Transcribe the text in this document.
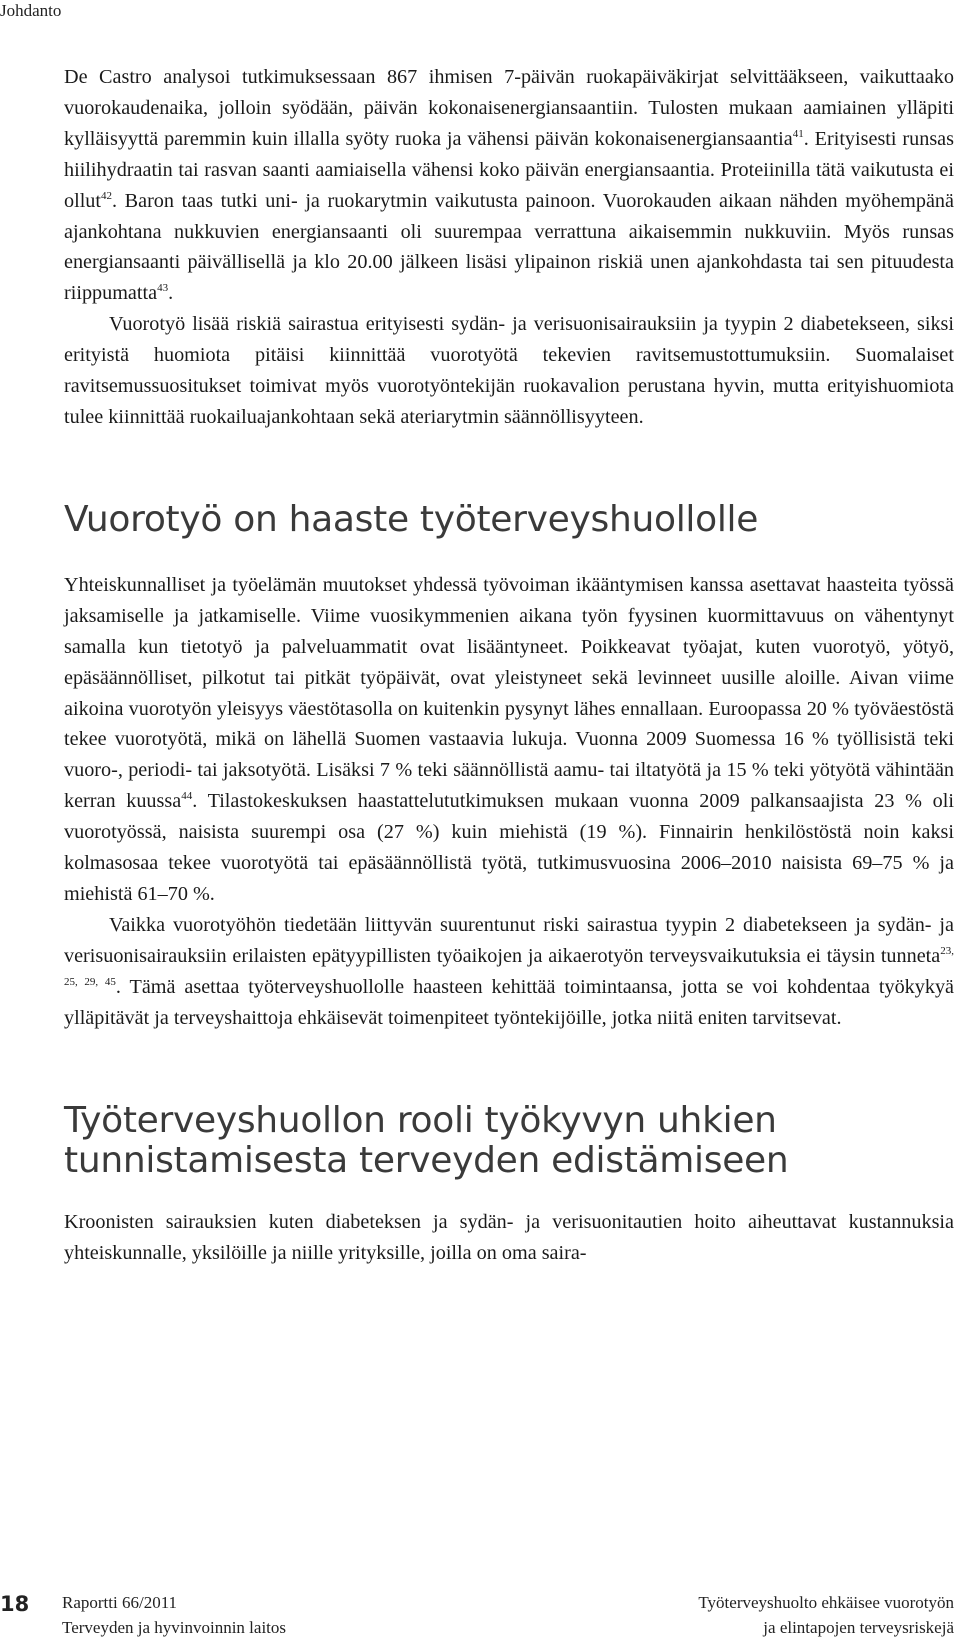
Johdanto

De Castro analysoi tutkimuksessaan 867 ihmisen 7-päivän ruokapäiväkirjat selvittääkseen, vaikuttaako vuorokaudenaika, jolloin syödään, päivän kokonaisenergiansaantiin. Tulosten mukaan aamiainen ylläpiti kylläisyyttä paremmin kuin illalla syöty ruoka ja vähensi päivän kokonaisenergiansaantia$^{41}$. Erityisesti runsas hiilihydraatin tai rasvan saanti aamiaisella vähensi koko päivän energiansaantia. Proteiinilla tätä vaikutusta ei ollut$^{42}$. Baron taas tutki uni- ja ruokarytmin vaikutusta painoon. Vuorokauden aikaan nähden myöhempänä ajankohtana nukkuvien energiansaanti oli suurempaa verrattuna aikaisemmin nukkuviin. Myös runsas energiansaanti päivällisellä ja klo 20.00 jälkeen lisäsi ylipainon riskiä unen ajankohdasta tai sen pituudesta riippumatta$^{43}$.

Vuorotyö lisää riskiä sairastua erityisesti sydän- ja verisuonisairauksiin ja tyypin 2 diabetekseen, siksi erityistä huomiota pitäisi kiinnittää vuorotyötä tekevien ravitsemustottumuksiin. Suomalaiset ravitsemussuositukset toimivat myös vuorotyöntekijän ruokavalion perustana hyvin, mutta erityishuomiota tulee kiinnittää ruokailuajankohtaan sekä ateriarytmin säännöllisyyteen.

Vuorotyö on haaste työterveyshuollolle

Yhteiskunnalliset ja työelämän muutokset yhdessä työvoiman ikääntymisen kanssa asettavat haasteita työssä jaksamiselle ja jatkamiselle. Viime vuosikymmenien aikana työn fyysinen kuormittavuus on vähentynyt samalla kun tietotyö ja palveluammatit ovat lisääntyneet. Poikkeavat työajat, kuten vuorotyö, yötyö, epäsäännölliset, pilkotut tai pitkät työpäivät, ovat yleistyneet sekä levinneet uusille aloille. Aivan viime aikoina vuorotyön yleisyys väestötasolla on kuitenkin pysynyt lähes ennallaan. Euroopassa 20 % työväestöstä tekee vuorotyötä, mikä on lähellä Suomen vastaavia lukuja. Vuonna 2009 Suomessa 16 % työllisistä teki vuoro-, periodi- tai jaksotyötä. Lisäksi 7 % teki säännöllistä aamu- tai iltatyötä ja 15 % teki yötyötä vähintään kerran kuussa$^{44}$. Tilastokeskuksen haastattelututkimuksen mukaan vuonna 2009 palkansaajista 23 % oli vuorotyössä, naisista suurempi osa (27 %) kuin miehistä (19 %). Finnairin henkilöstöstä noin kaksi kolmasosaa tekee vuorotyötä tai epäsäännöllistä työtä, tutkimusvuosina 2006–2010 naisista 69–75 % ja miehistä 61–70 %.

Vaikka vuorotyöhön tiedetään liittyvän suurentunut riski sairastua tyypin 2 diabetekseen ja sydän- ja verisuonisairauksiin erilaisten epätyypillisten työaikojen ja aikaerotyön terveysvaikutuksia ei täysin tunneta$^{23, 25, 29, 45}$. Tämä asettaa työterveyshuollolle haasteen kehittää toimintaansa, jotta se voi kohdentaa työkykyä ylläpitävät ja terveyshaittoja ehkäisevät toimenpiteet työntekijöille, jotka niitä eniten tarvitsevat.

Työterveyshuollon rooli työkyvyn uhkien tunnistamisesta terveyden edistämiseen

Kroonisten sairauksien kuten diabeteksen ja sydän- ja verisuonitautien hoito aiheuttavat kustannuksia yhteiskunnalle, yksilöille ja niille yrityksille, joilla on oma saira-

18 Raportti 66/2011
Terveyden ja hyvinvoinnin laitos
Työterveyshuolto ehkäisee vuorotyön
ja elintapojen terveysriskejä
